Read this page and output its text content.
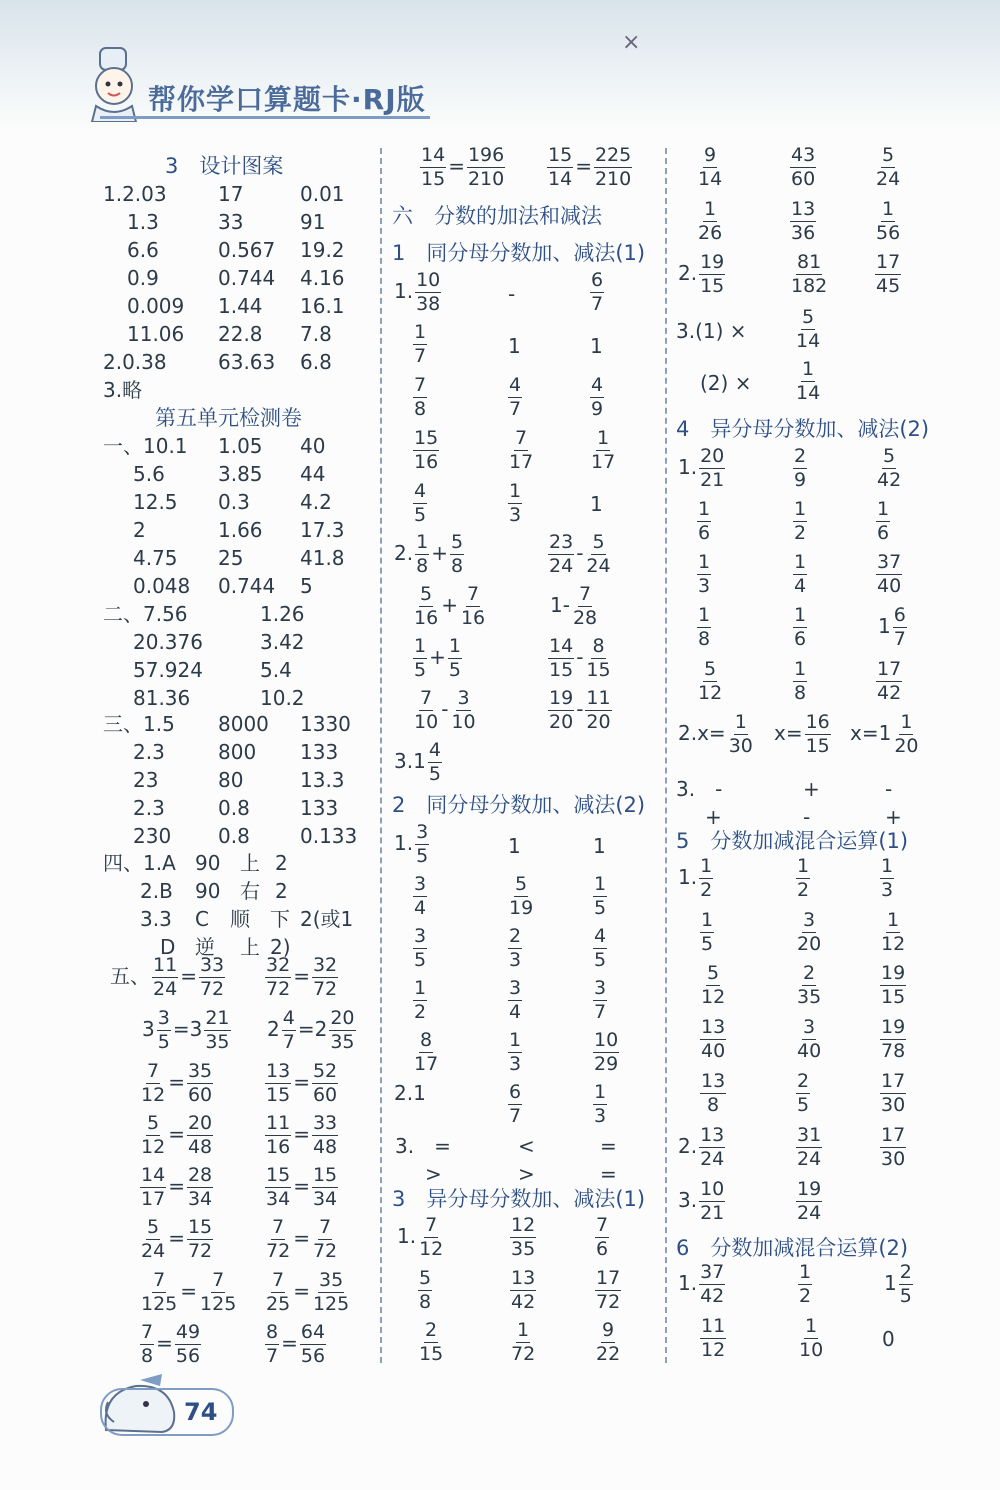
帮你学口算题卡·RJ版
×
3　设计图案
1.2.03	17	0.01
1.3	33	91
6.6	0.567 19.2
0.9	0.744 4.16
0.009 1.44 16.1
11.06 22.8 7.8
2.0.38	63.63 6.8
3.略
第五单元检测卷
一、10.1 1.05 40
5.6	3.85 44
12.5 0.3	4.2
2	1.66 17.3
4.75 25	41.8
0.048 0.744 5
二、7.56	1.26
20.376	3.42
57.924	5.4
81.36	10.2
三、1.5 8000 1330
2.3	800 133
23	80	13.3
2.3	0.8	133
230 0.8	0.133
四、1.A 90 上 2
2.B 90 右 2
3.3 C 顺 下 2(或1
D 逆 上 2)
五、 $\frac{11}{24} = \frac{33}{72} \frac{32}{72} = \frac{32}{72}$
$3 \frac{3}{5} =3 \frac{21}{35} 2 \frac{4}{7} =2 \frac{20}{35}$
$\frac{7}{12} = \frac{35}{60}$	$\frac{13}{15} = \frac{52}{60}$
$\frac{5}{12} = \frac{20}{48}$	$\frac{11}{16} = \frac{33}{48}$
$\frac{14}{17} = \frac{28}{34}$	$\frac{15}{34} = \frac{15}{34}$
$\frac{5}{24} = \frac{15}{72}$	$\frac{7}{72} = \frac{7}{72}$
$\frac{7}{125} = \frac{7}{125} \frac{7}{25} = \frac{35}{125}$
$\frac{7}{8} = \frac{49}{56}$	$\frac{8}{7} = \frac{64}{56}$
$\frac{14}{15} = \frac{196}{210} \frac{15}{14} = \frac{225}{210}$
六　分数的加法和减法
1　同分母分数加、减法(1)
1. $\frac{10}{38}$	-	$\frac{6}{7}$
$\frac{1}{7}$	1	1
$\frac{7}{8}$	$\frac{4}{7}$	$\frac{4}{9}$
$\frac{15}{16}$	$\frac{7}{17}$	$\frac{1}{17}$
$\frac{4}{5}$	$\frac{1}{3}$	1
2. $\frac{1}{8} + \frac{5}{8}$	$\frac{23}{24} - \frac{5}{24}$
$\frac{5}{16} + \frac{7}{16}$	$1- \frac{7}{28}$
$\frac{1}{5} + \frac{1}{5}$	$\frac{14}{15} - \frac{8}{15}$
$\frac{7}{10} - \frac{3}{10}$	$\frac{19}{20} - \frac{11}{20}$
$3.1 \frac{4}{5}$
2　同分母分数加、减法(2)
1. $\frac{3}{5}$	1	1
$\frac{3}{4}$	$\frac{5}{19}$	$\frac{1}{5}$
$\frac{3}{5}$	$\frac{2}{3}$	$\frac{4}{5}$
$\frac{1}{2}$	$\frac{3}{4}$	$\frac{3}{7}$
$\frac{8}{17}$	$\frac{1}{3}$	$\frac{10}{29}$
2.1	$\frac{6}{7}$	$\frac{1}{3}$
3.　=	<	=
>	>	=
3　异分母分数加、减法(1)
1. $\frac{7}{12}$	$\frac{12}{35}$	$\frac{7}{6}$
$\frac{5}{8}$	$\frac{13}{42}$	$\frac{17}{72}$
$\frac{2}{15}$	$\frac{1}{72}$	$\frac{9}{22}$
$\frac{9}{14}$	$\frac{43}{60}$	$\frac{5}{24}$
$\frac{1}{26}$	$\frac{13}{36}$	$\frac{1}{56}$
2. $\frac{19}{15}$	$\frac{81}{182} \frac{17}{45}$
3.(1) ×	$\frac{5}{14}$
$(2) \times \frac{1}{14}$
4　异分母分数加、减法(2)
1. $\frac{20}{21}$	$\frac{2}{9}$	$\frac{5}{42}$
$\frac{1}{6}$	$\frac{1}{2}$	$\frac{1}{6}$
$\frac{1}{3}$	$\frac{1}{4}$	$\frac{37}{40}$
$\frac{1}{8}$	$\frac{1}{6}$	$1 \frac{6}{7}$
$\frac{5}{12}$	$\frac{1}{8}$	$\frac{17}{42}$
$2.x= \frac{1}{30} x= \frac{16}{15} x=1 \frac{1}{20}$
3.　-	+	-
+	-	+
5　分数加减混合运算(1)
1. $\frac{1}{2}$	$\frac{1}{2}$	$\frac{1}{3}$
$\frac{1}{5}$	$\frac{3}{20}$	$\frac{1}{12}$
$\frac{5}{12}$	$\frac{2}{35}$	$\frac{19}{15}$
$\frac{13}{40}$	$\frac{3}{40}$	$\frac{19}{78}$
$\frac{13}{8}$	$\frac{2}{5}$	$\frac{17}{30}$
2. $\frac{13}{24}$	$\frac{31}{24}$	$\frac{17}{30}$
3. $\frac{10}{21}$	$\frac{19}{24}$
6　分数加减混合运算(2)
1. $\frac{37}{42}$	$\frac{1}{2}$	$1 \frac{2}{5}$
$\frac{11}{12}$	$\frac{1}{10}$	0
74
